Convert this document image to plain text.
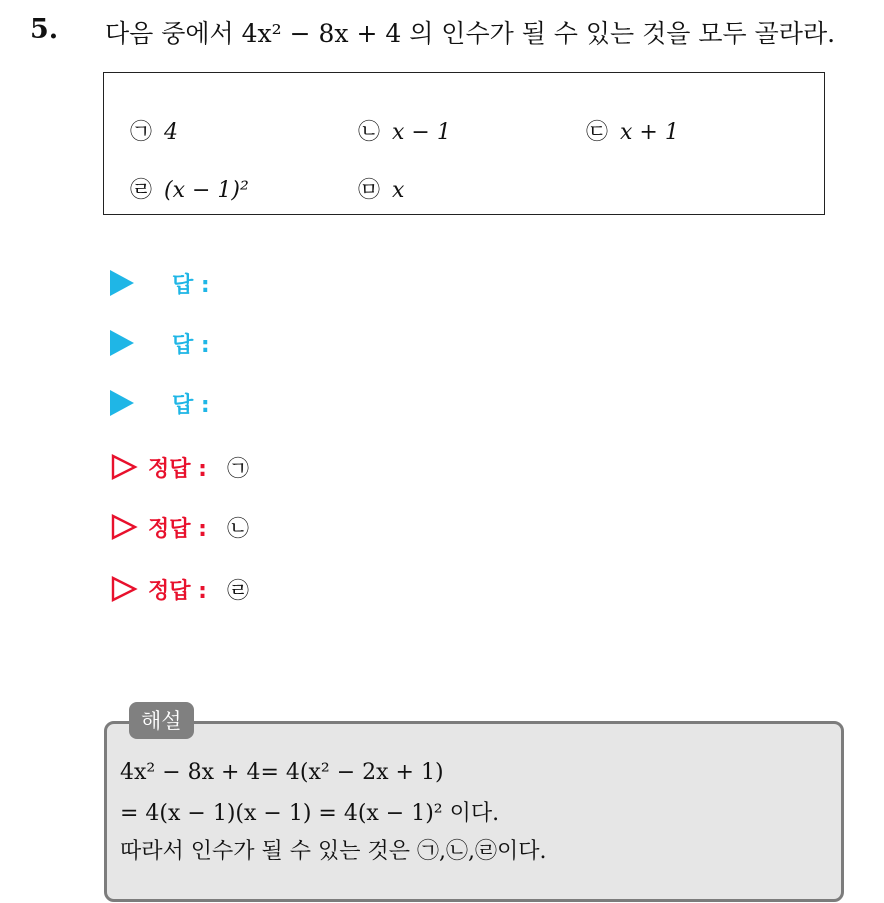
5. 다음 중에서 4x² − 8x + 4 의 인수가 될 수 있는 것을 모두 골라라.
㉠ 4	㉡ x − 1	㉢ x + 1
㉣ (x − 1)²	㉤ x
답 :
답 :
답 :
정답 : ㉠
정답 : ㉡
정답 : ㉣
해설
4x² − 8x + 4= 4(x² − 2x + 1)
= 4(x − 1)(x − 1) = 4(x − 1)² 이다.
따라서 인수가 될 수 있는 것은 ㉠,㉡,㉣이다.
